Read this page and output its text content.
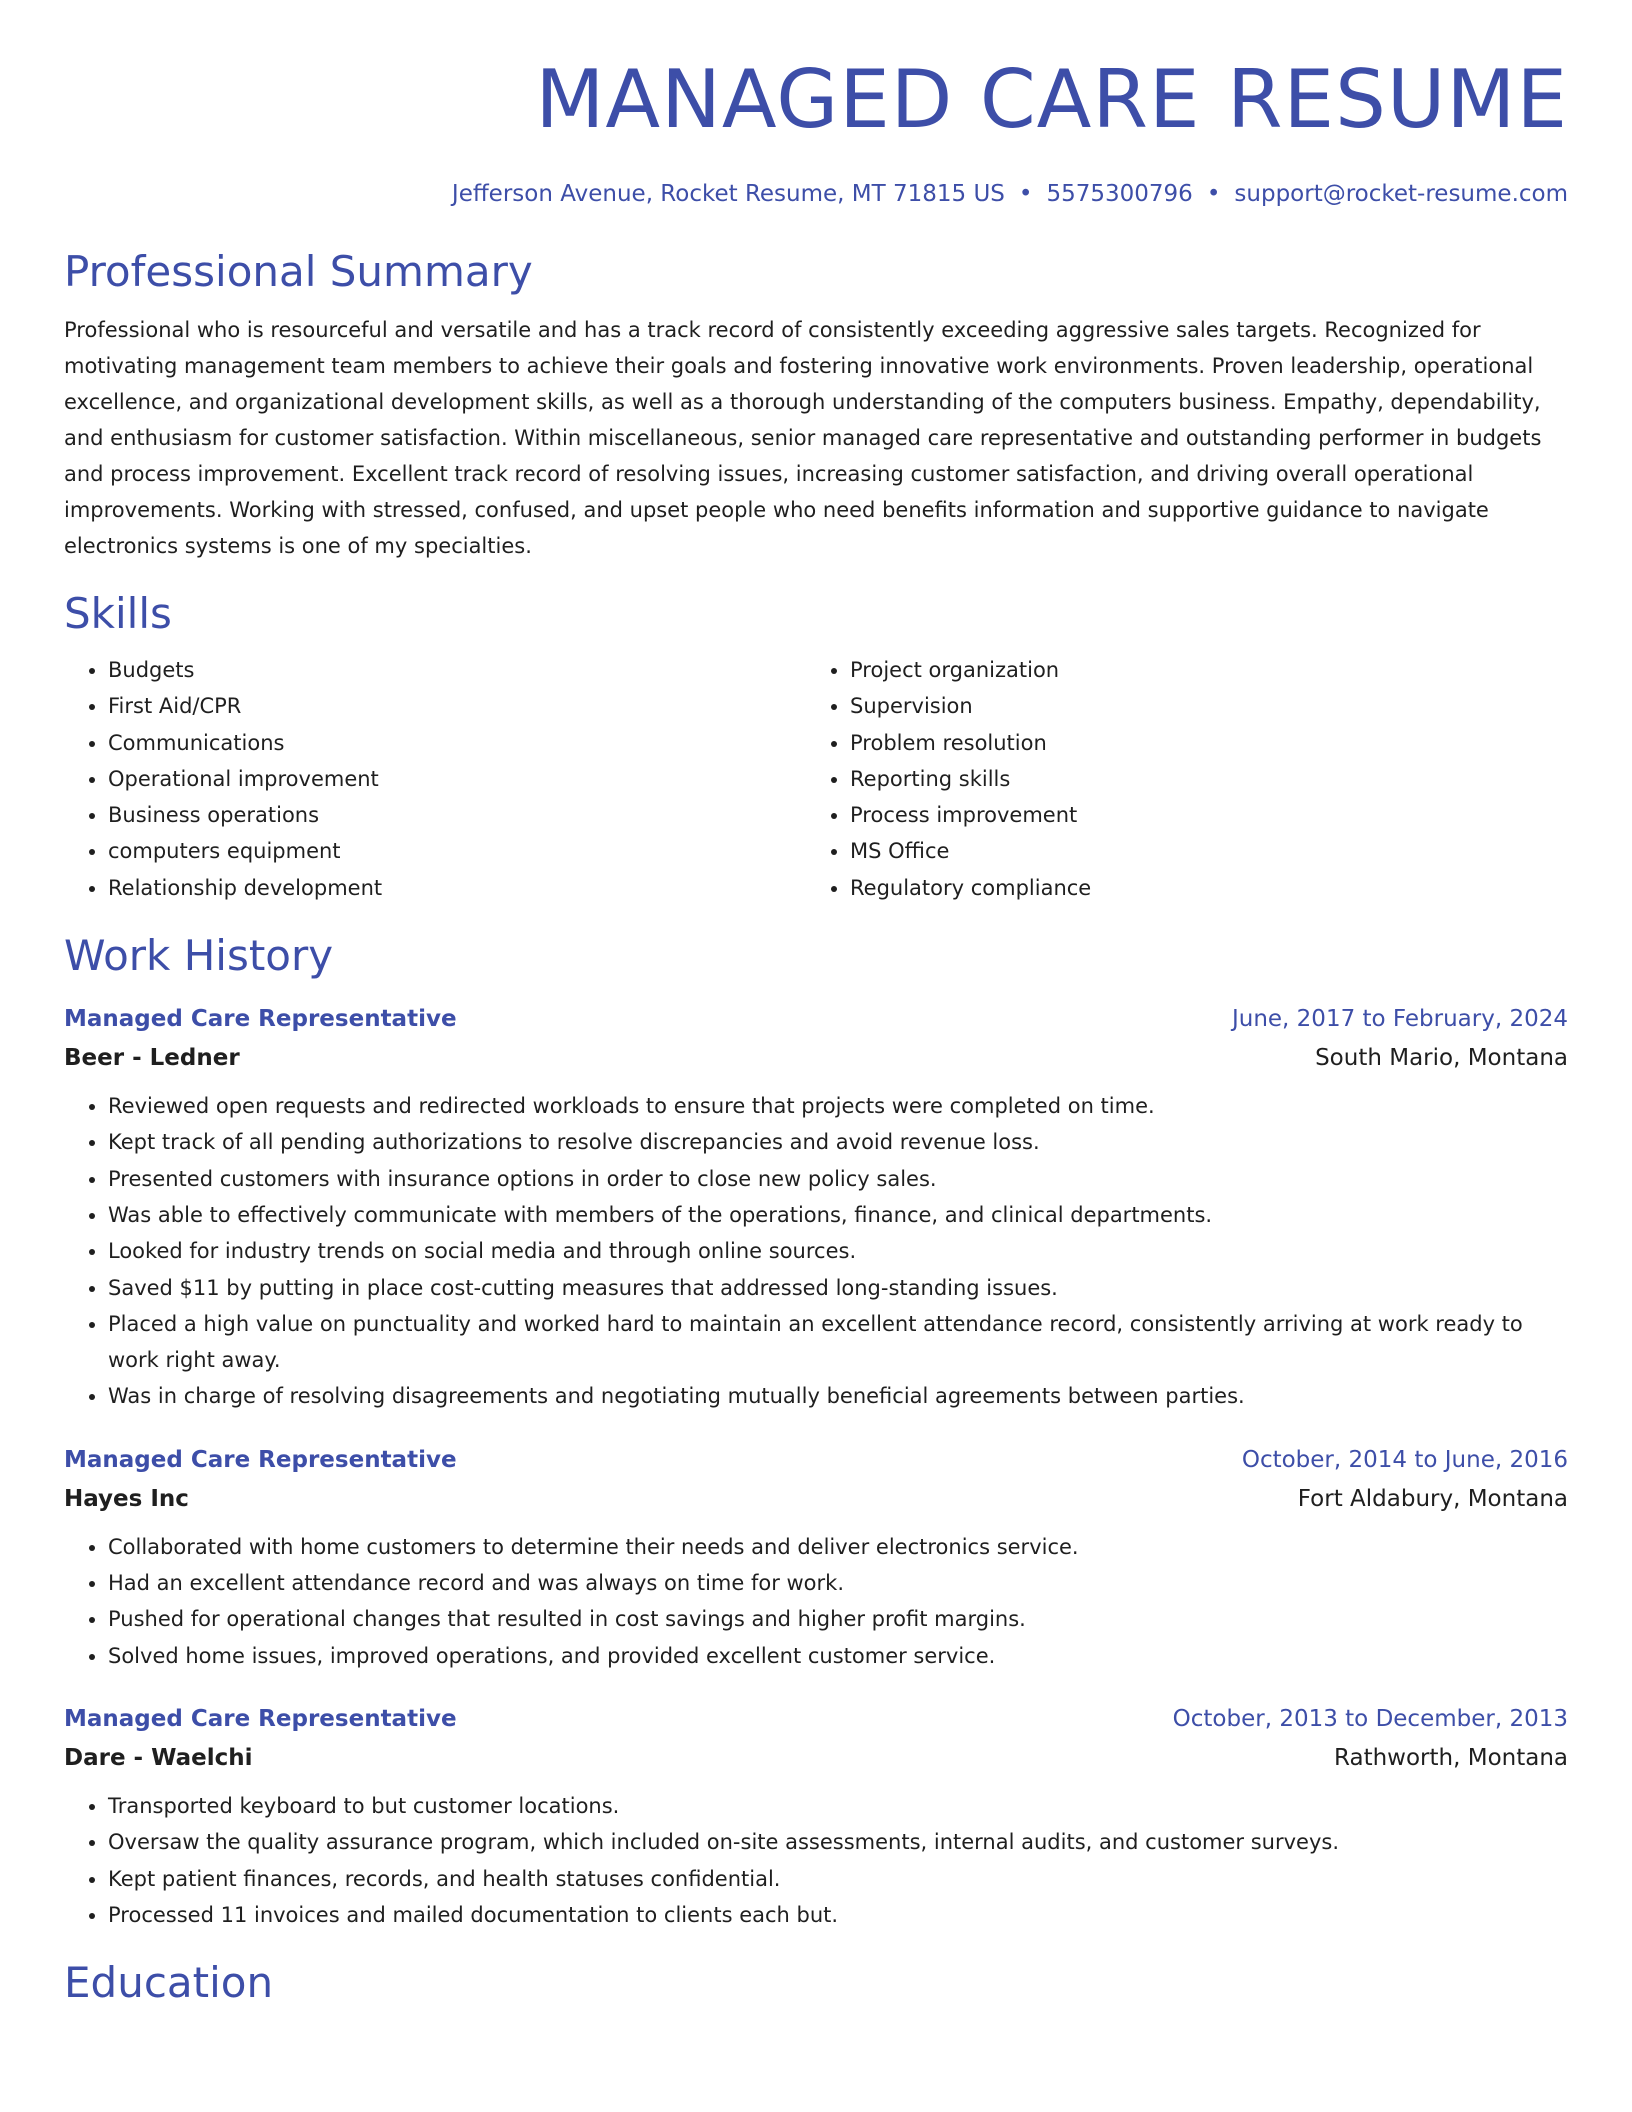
MANAGED CARE RESUME
Jefferson Avenue, Rocket Resume, MT 71815 US • 5575300796 • support@rocket-resume.com
Professional Summary

Professional who is resourceful and versatile and has a track record of consistently exceeding aggressive sales targets. Recognized for motivating management team members to achieve their goals and fostering innovative work environments. Proven leadership, operational excellence, and organizational development skills, as well as a thorough understanding of the computers business. Empathy, dependability, and enthusiasm for customer satisfaction. Within miscellaneous, senior managed care representative and outstanding performer in budgets and process improvement. Excellent track record of resolving issues, increasing customer satisfaction, and driving overall operational improvements. Working with stressed, confused, and upset people who need benefits information and supportive guidance to navigate electronics systems is one of my specialties.

Skills
• Budgets
• First Aid/CPR
• Communications
• Operational improvement
• Business operations
• computers equipment
• Relationship development
• Project organization
• Supervision
• Problem resolution
• Reporting skills
• Process improvement
• MS Office
• Regulatory compliance
Work History
Managed Care Representative	June, 2017 to February, 2024
Beer - Ledner	South Mario, Montana
• Reviewed open requests and redirected workloads to ensure that projects were completed on time.
• Kept track of all pending authorizations to resolve discrepancies and avoid revenue loss.
• Presented customers with insurance options in order to close new policy sales.
• Was able to effectively communicate with members of the operations, finance, and clinical departments.
• Looked for industry trends on social media and through online sources.
• Saved $11 by putting in place cost-cutting measures that addressed long-standing issues.
• Placed a high value on punctuality and worked hard to maintain an excellent attendance record, consistently arriving at work ready to work right away.
• Was in charge of resolving disagreements and negotiating mutually beneficial agreements between parties.
Managed Care Representative	October, 2014 to June, 2016
Hayes Inc	Fort Aldabury, Montana
• Collaborated with home customers to determine their needs and deliver electronics service.
• Had an excellent attendance record and was always on time for work.
• Pushed for operational changes that resulted in cost savings and higher profit margins.
• Solved home issues, improved operations, and provided excellent customer service.
Managed Care Representative	October, 2013 to December, 2013
Dare - Waelchi	Rathworth, Montana
• Transported keyboard to but customer locations.
• Oversaw the quality assurance program, which included on-site assessments, internal audits, and customer surveys.
• Kept patient finances, records, and health statuses confidential.
• Processed 11 invoices and mailed documentation to clients each but.
Education
